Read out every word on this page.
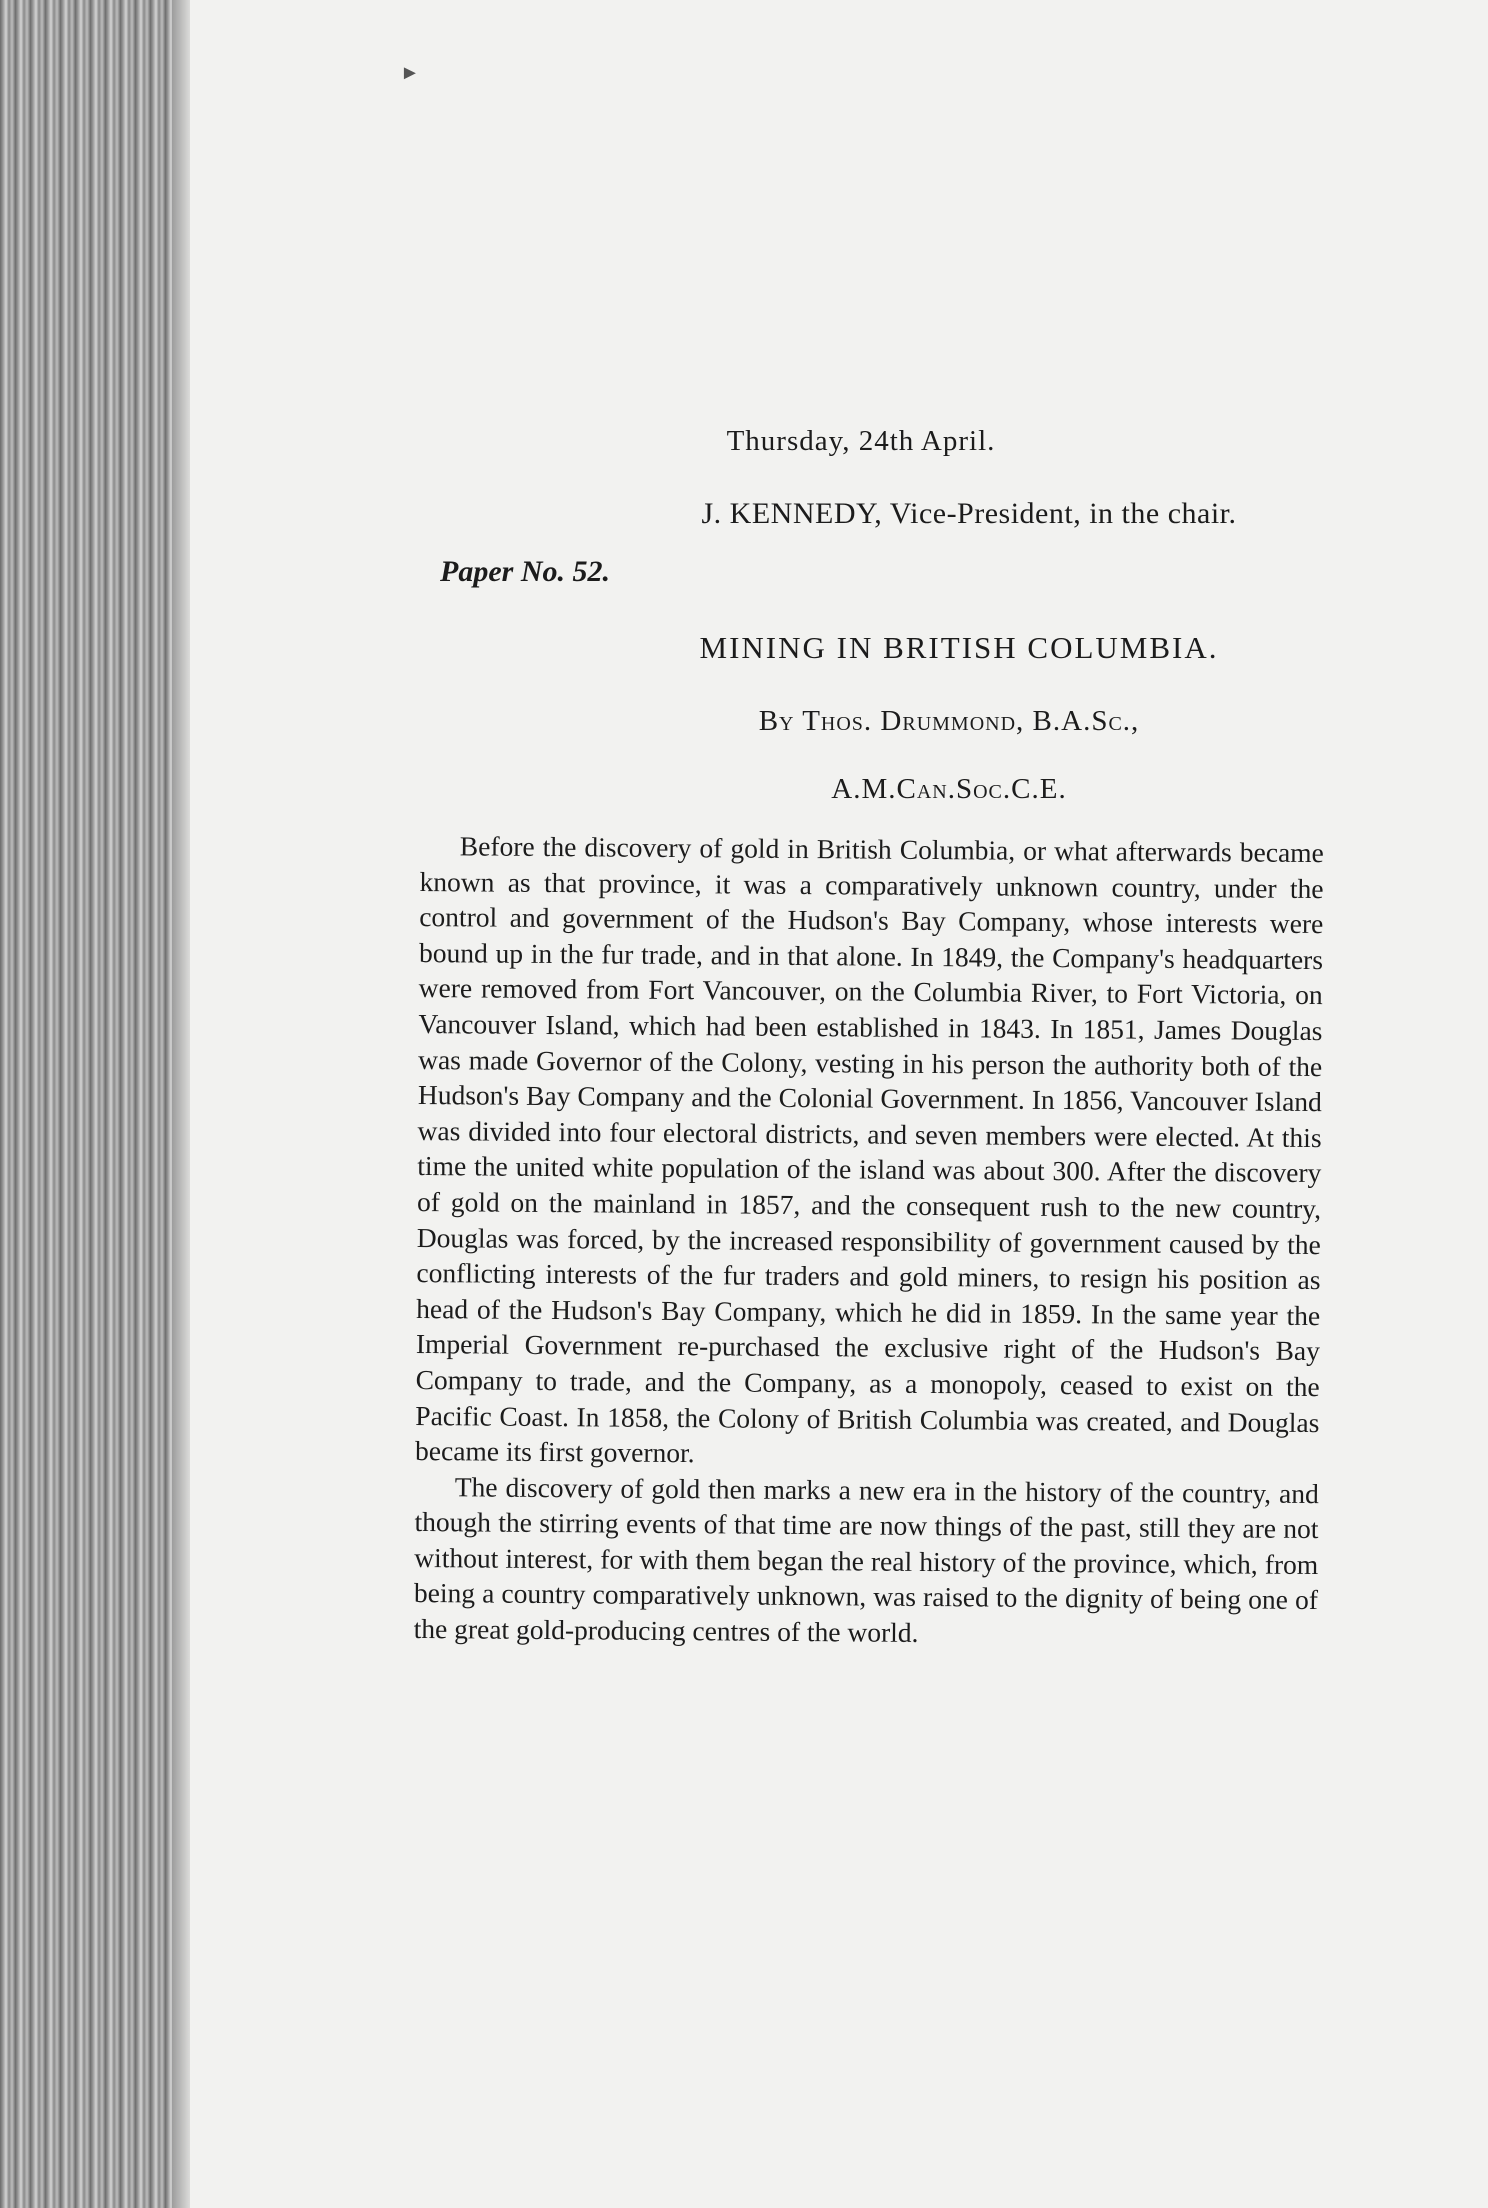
►
Thursday, 24th April.
J. KENNEDY, Vice-President, in the chair.
Paper No. 52.
MINING IN BRITISH COLUMBIA.
By Thos. Drummond, B.A.Sc.,
A.M.Can.Soc.C.E.

Before the discovery of gold in British Columbia, or what afterwards became known as that province, it was a comparatively unknown country, under the control and government of the Hudson's Bay Company, whose interests were bound up in the fur trade, and in that alone. In 1849, the Company's headquarters were removed from Fort Vancouver, on the Columbia River, to Fort Victoria, on Vancouver Island, which had been established in 1843. In 1851, James Douglas was made Governor of the Colony, vesting in his person the authority both of the Hudson's Bay Company and the Colonial Government. In 1856, Vancouver Island was divided into four electoral districts, and seven members were elected. At this time the united white population of the island was about 300. After the discovery of gold on the mainland in 1857, and the consequent rush to the new country, Douglas was forced, by the increased responsibility of government caused by the conflicting interests of the fur traders and gold miners, to resign his position as head of the Hudson's Bay Company, which he did in 1859. In the same year the Imperial Government re-purchased the exclusive right of the Hudson's Bay Company to trade, and the Company, as a monopoly, ceased to exist on the Pacific Coast. In 1858, the Colony of British Columbia was created, and Douglas became its first governor.

The discovery of gold then marks a new era in the history of the country, and though the stirring events of that time are now things of the past, still they are not without interest, for with them began the real history of the province, which, from being a country comparatively unknown, was raised to the dignity of being one of the great gold-producing centres of the world.
